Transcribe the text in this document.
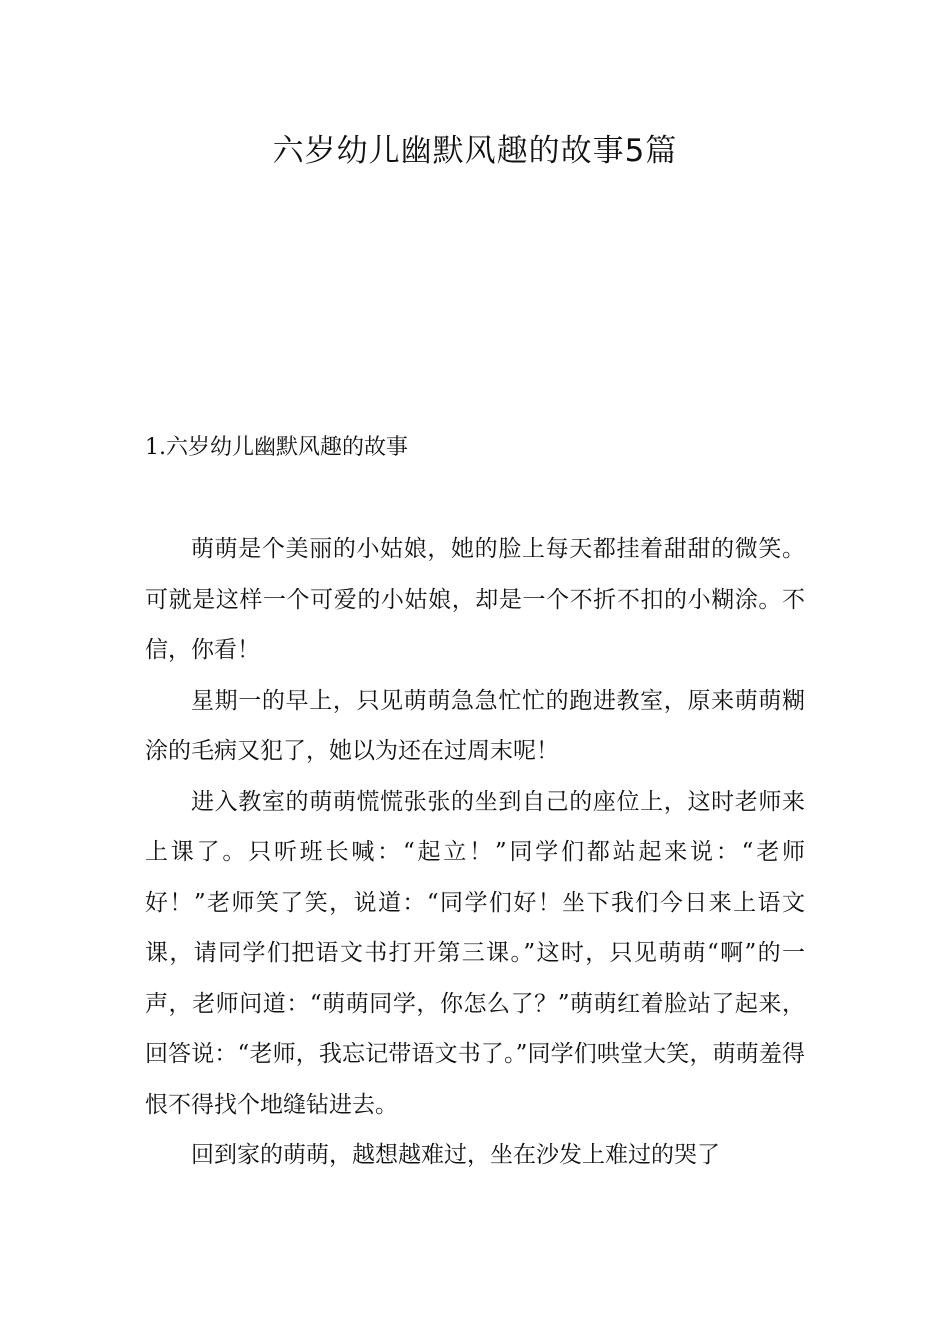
六岁幼儿幽默风趣的故事5篇
1.六岁幼儿幽默风趣的故事

萌萌是个美丽的小姑娘，她的脸上每天都挂着甜甜的微笑。可就是这样一个可爱的小姑娘，却是一个不折不扣的小糊涂。不信，你看！

星期一的早上，只见萌萌急急忙忙的跑进教室，原来萌萌糊涂的毛病又犯了，她以为还在过周末呢！

进入教室的萌萌慌慌张张的坐到自己的座位上，这时老师来上课了。只听班长喊：“起立！”同学们都站起来说：“老师好！”老师笑了笑，说道：“同学们好！坐下我们今日来上语文课，请同学们把语文书打开第三课。”这时，只见萌萌“啊”的一声，老师问道：“萌萌同学，你怎么了？”萌萌红着脸站了起来，回答说：“老师，我忘记带语文书了。”同学们哄堂大笑，萌萌羞得恨不得找个地缝钻进去。

回到家的萌萌，越想越难过，坐在沙发上难过的哭了
